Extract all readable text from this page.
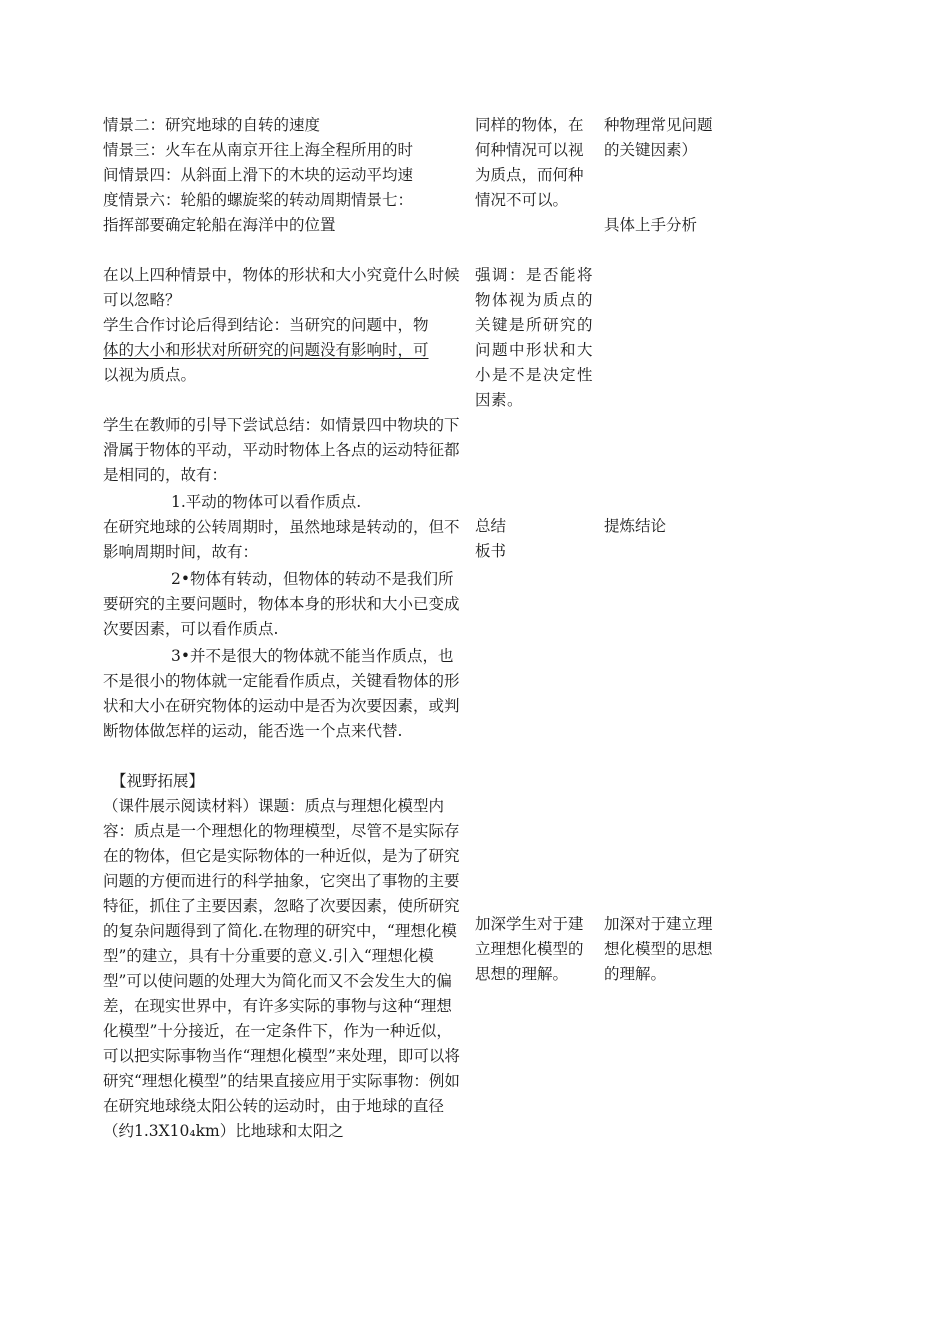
情景二：研究地球的自转的速度

情景三：火车在从南京开往上海全程所用的时

间情景四：从斜面上滑下的木块的运动平均速

度情景六：轮船的螺旋桨的转动周期情景七：

指挥部要确定轮船在海洋中的位置

在以上四种情景中，物体的形状和大小究竟什么时候可以忽略？

学生合作讨论后得到结论：当研究的问题中，物
体的大小和形状对所研究的问题没有影响时，可
以视为质点。

学生在教师的引导下尝试总结：如情景四中物块的下滑属于物体的平动，平动时物体上各点的运动特征都是相同的，故有：

1.平动的物体可以看作质点.

在研究地球的公转周期时，虽然地球是转动的，但不影响周期时间，故有：

2•物体有转动，但物体的转动不是我们所要研究的主要问题时，物体本身的形状和大小已变成次要因素，可以看作质点.

3•并不是很大的物体就不能当作质点，也不是很小的物体就一定能看作质点，关键看物体的形状和大小在研究物体的运动中是否为次要因素，或判断物体做怎样的运动，能否选一个点来代替.

【视野拓展】

（课件展示阅读材料）课题：质点与理想化模型内容：质点是一个理想化的物理模型，尽管不是实际存在的物体，但它是实际物体的一种近似，是为了研究问题的方便而进行的科学抽象，它突出了事物的主要特征，抓住了主要因素，忽略了次要因素，使所研究的复杂问题得到了简化.在物理的研究中，“理想化模型”的建立，具有十分重要的意义.引入“理想化模型”可以使问题的处理大为简化而又不会发生大的偏差，在现实世界中，有许多实际的事物与这种“理想化模型”十分接近，在一定条件下，作为一种近似，可以把实际事物当作“理想化模型”来处理，即可以将研究“理想化模型”的结果直接应用于实际事物：例如在研究地球绕太阳公转的运动时，由于地球的直径（约1.3X10₄km）比地球和太阳之

同样的物体，在何种情况可以视为质点，而何种情况不可以。
强调：是否能将物体视为质点的关键是所研究的问题中形状和大小是不是决定性因素。

总结

板书

加深学生对于建立理想化模型的思想的理解。
种物理常见问题的关键因素）
具体上手分析
提炼结论
加深对于建立理想化模型的思想的理解。
